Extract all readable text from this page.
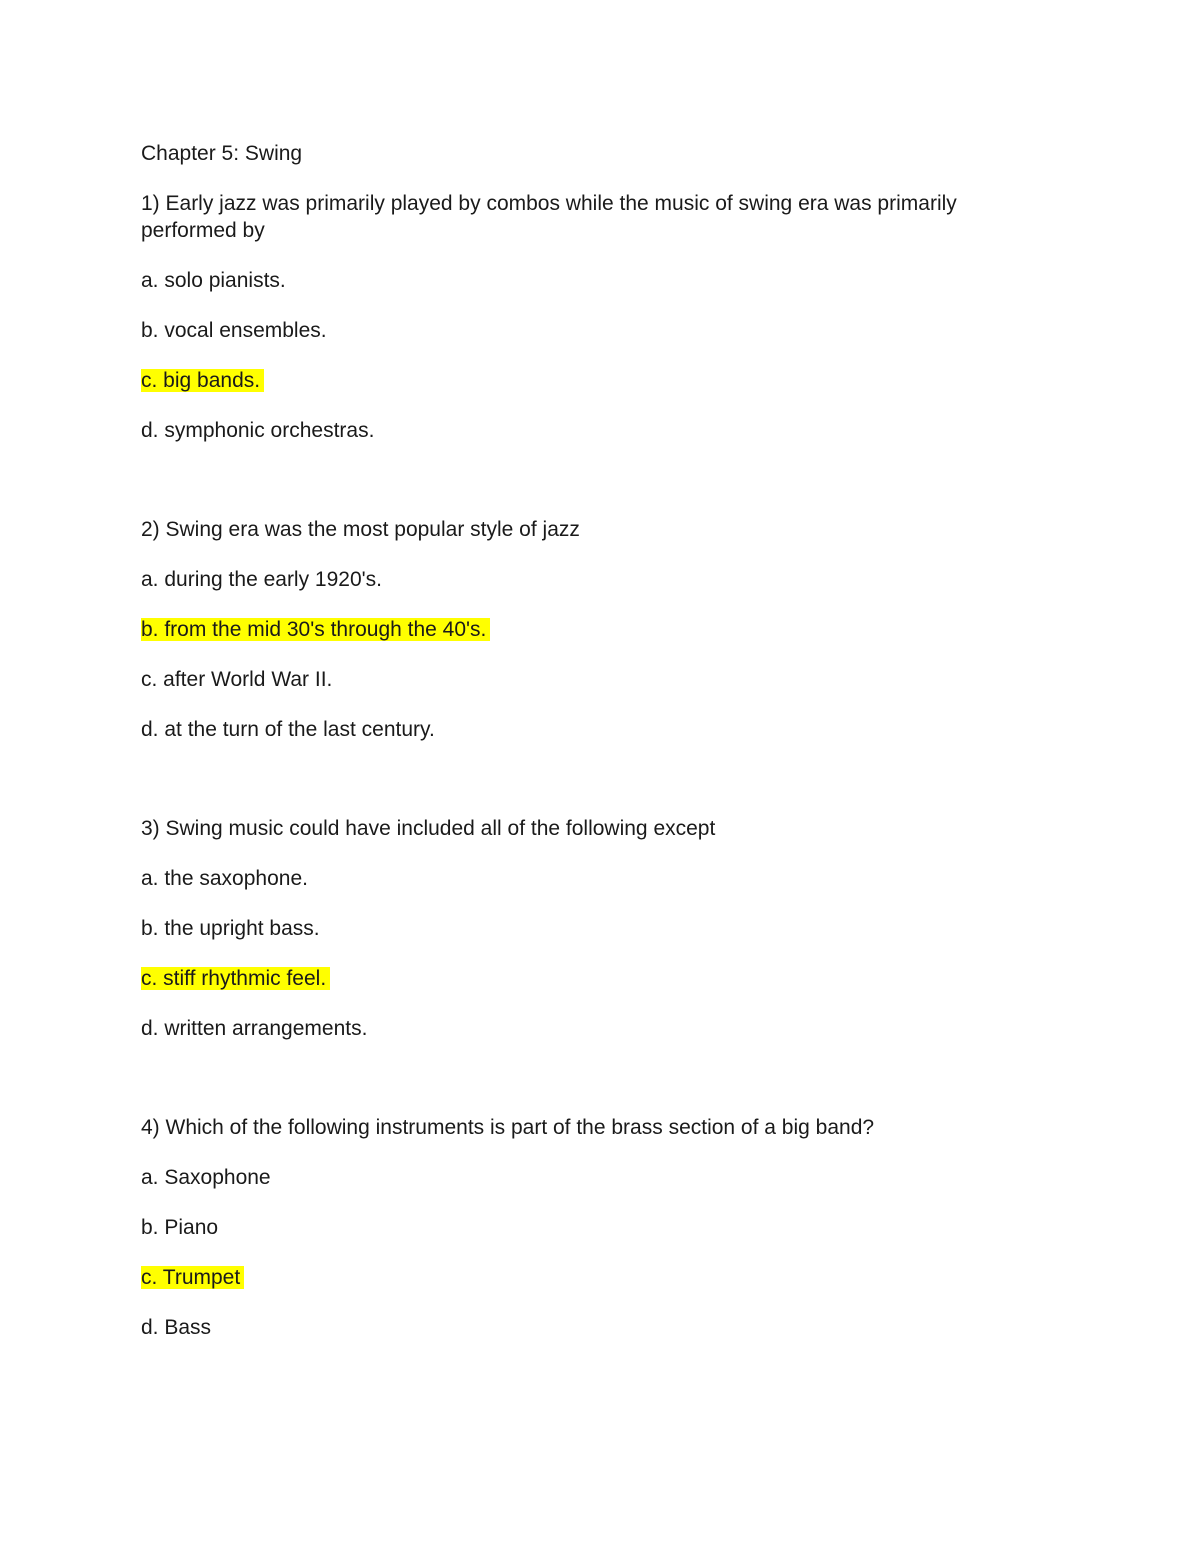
Chapter 5: Swing

1) Early jazz was primarily played by combos while the music of swing era was primarily performed by

a. solo pianists.

b. vocal ensembles.

c. big bands.

d. symphonic orchestras.

2) Swing era was the most popular style of jazz

a. during the early 1920's.

b. from the mid 30's through the 40's.

c. after World War II.

d. at the turn of the last century.

3) Swing music could have included all of the following except

a. the saxophone.

b. the upright bass.

c. stiff rhythmic feel.

d. written arrangements.

4) Which of the following instruments is part of the brass section of a big band?

a. Saxophone

b. Piano

c. Trumpet

d. Bass
